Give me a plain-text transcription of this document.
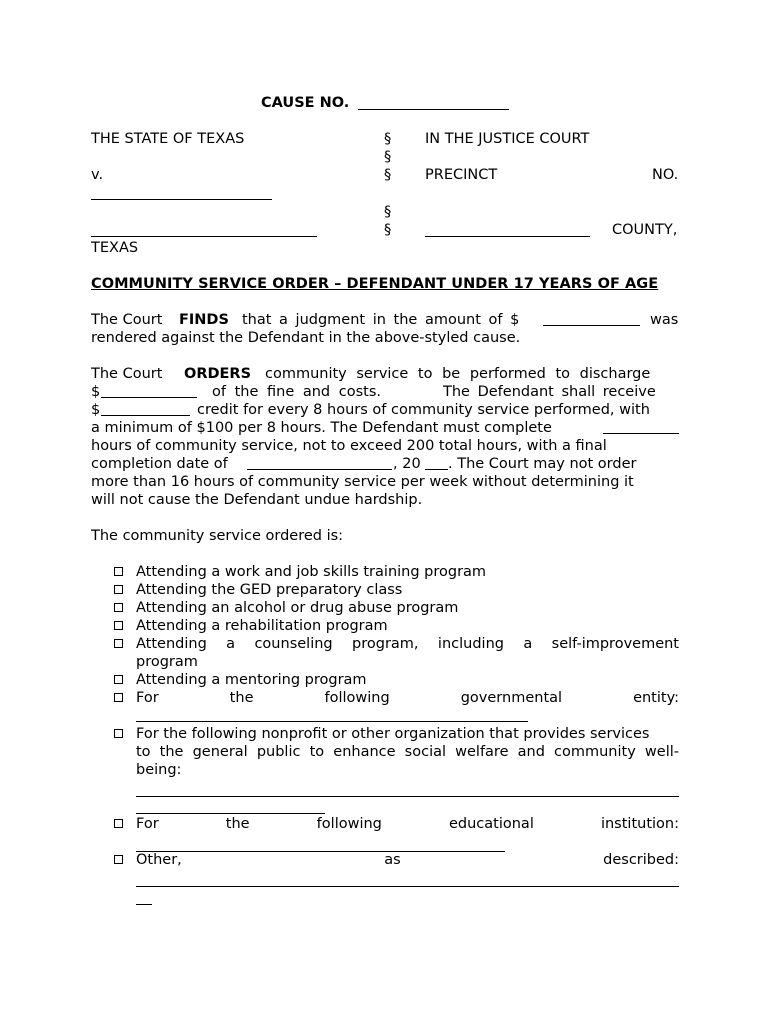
CAUSE NO.
THE STATE OF TEXAS	§ IN THE JUSTICE COURT
§
v.	§ PRECINCT	NO.
§
§	COUNTY,
TEXAS
COMMUNITY SERVICE ORDER – DEFENDANT UNDER 17 YEARS OF AGE
The Court FINDS that a judgment in the amount of $	was
rendered against the Defendant in the above-styled cause.
The Court ORDERS community service to be performed to discharge
$	of the fine and costs.	The Defendant shall receive
$	credit for every 8 hours of community service performed, with
a minimum of $100 per 8 hours. The Defendant must complete
hours of community service, not to exceed 200 total hours, with a final
completion date of	, 20 . The Court may not order
more than 16 hours of community service per week without determining it
will not cause the Defendant undue hardship.
The community service ordered is:
Attending a work and job skills training program
Attending the GED preparatory class
Attending an alcohol or drug abuse program
Attending a rehabilitation program
Attending a counseling program, including a self-improvement
program
Attending a mentoring program
For the following governmental entity:
For the following nonprofit or other organization that provides services
to the general public to enhance social welfare and community well-
being:
For the following educational institution:
Other, as described:
